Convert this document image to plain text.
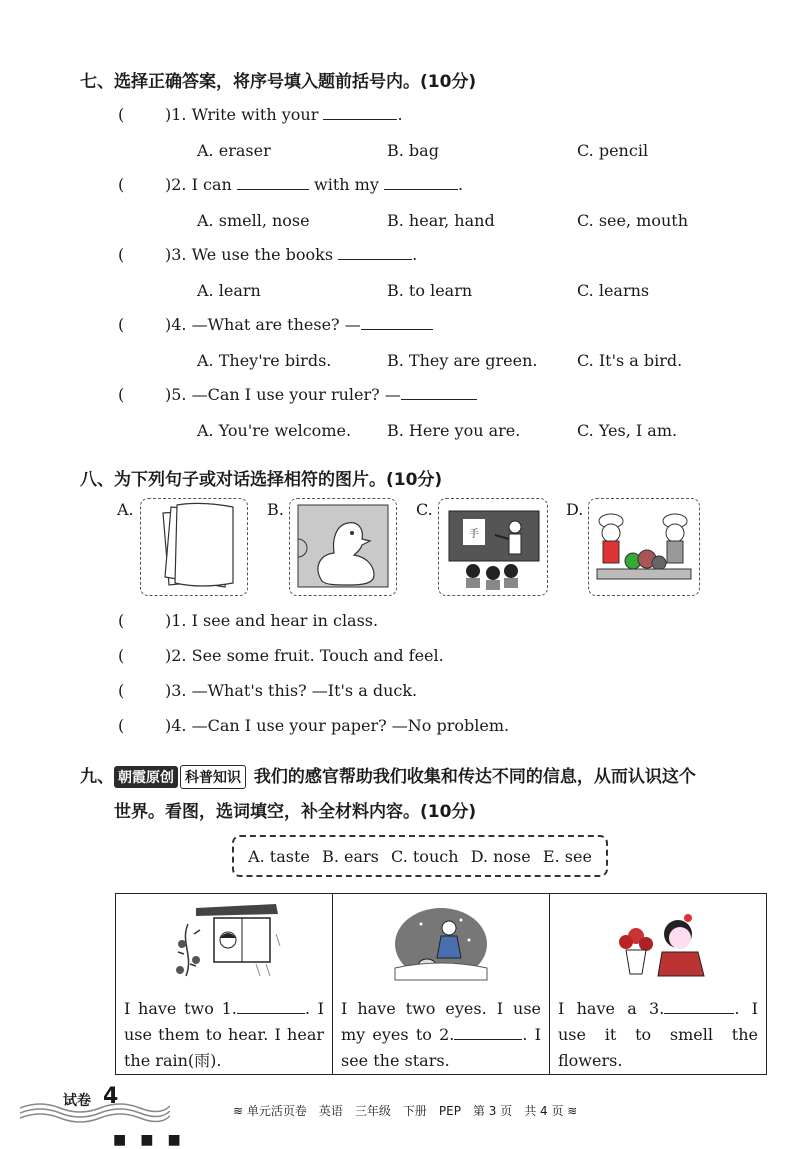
七、选择正确答案，将序号填入题前括号内。(10分)
(	)1. Write with your	.
A. eraser	B. bag	C. pencil
(	)2. I can	with my	.
A. smell, nose	B. hear, hand	C. see, mouth
(	)3. We use the books	.
A. learn	B. to learn	C. learns
(	)4. —What are these? —
A. They're birds.	B. They are green. C. It's a bird.
(	)5. —Can I use your ruler? —
A. You're welcome. B. Here you are.	C. Yes, I am.
八、为下列句子或对话选择相符的图片。(10分)
A.	B.	C.
手
D.
(	)1. I see and hear in class.
(	)2. See some fruit. Touch and feel.
(	)3. —What's this? —It's a duck.
(	)4. —Can I use your paper? —No problem.
九、 朝霞原创 科普知识 我们的感官帮助我们收集和传达不同的信息，从而认识这个
世界。看图，选词填空，补全材料内容。(10分)
A. taste B. ears C. touch D. nose E. see
I have two 1.	. I use them to hear. I hear the rain(雨).

I have two eyes. I use my eyes to 2.	. I see the stars.

I have a 3.	. I use it to smell the flowers.
试卷 4
≋ 单元活页卷　英语　三年级　下册　PEP　第 3 页　共 4 页 ≋
■■■
